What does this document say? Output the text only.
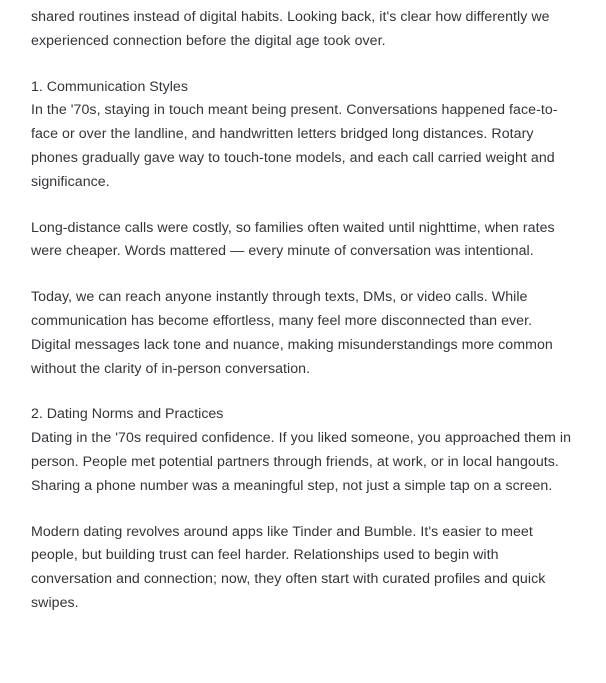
shared routines instead of digital habits. Looking back, it's clear how differently we experienced connection before the digital age took over.

1. Communication Styles

In the '70s, staying in touch meant being present. Conversations happened face-to-face or over the landline, and handwritten letters bridged long distances. Rotary phones gradually gave way to touch-tone models, and each call carried weight and significance.

Long-distance calls were costly, so families often waited until nighttime, when rates were cheaper. Words mattered — every minute of conversation was intentional.

Today, we can reach anyone instantly through texts, DMs, or video calls. While communication has become effortless, many feel more disconnected than ever. Digital messages lack tone and nuance, making misunderstandings more common without the clarity of in-person conversation.

2. Dating Norms and Practices

Dating in the '70s required confidence. If you liked someone, you approached them in person. People met potential partners through friends, at work, or in local hangouts. Sharing a phone number was a meaningful step, not just a simple tap on a screen.

Modern dating revolves around apps like Tinder and Bumble. It's easier to meet people, but building trust can feel harder. Relationships used to begin with conversation and connection; now, they often start with curated profiles and quick swipes.
